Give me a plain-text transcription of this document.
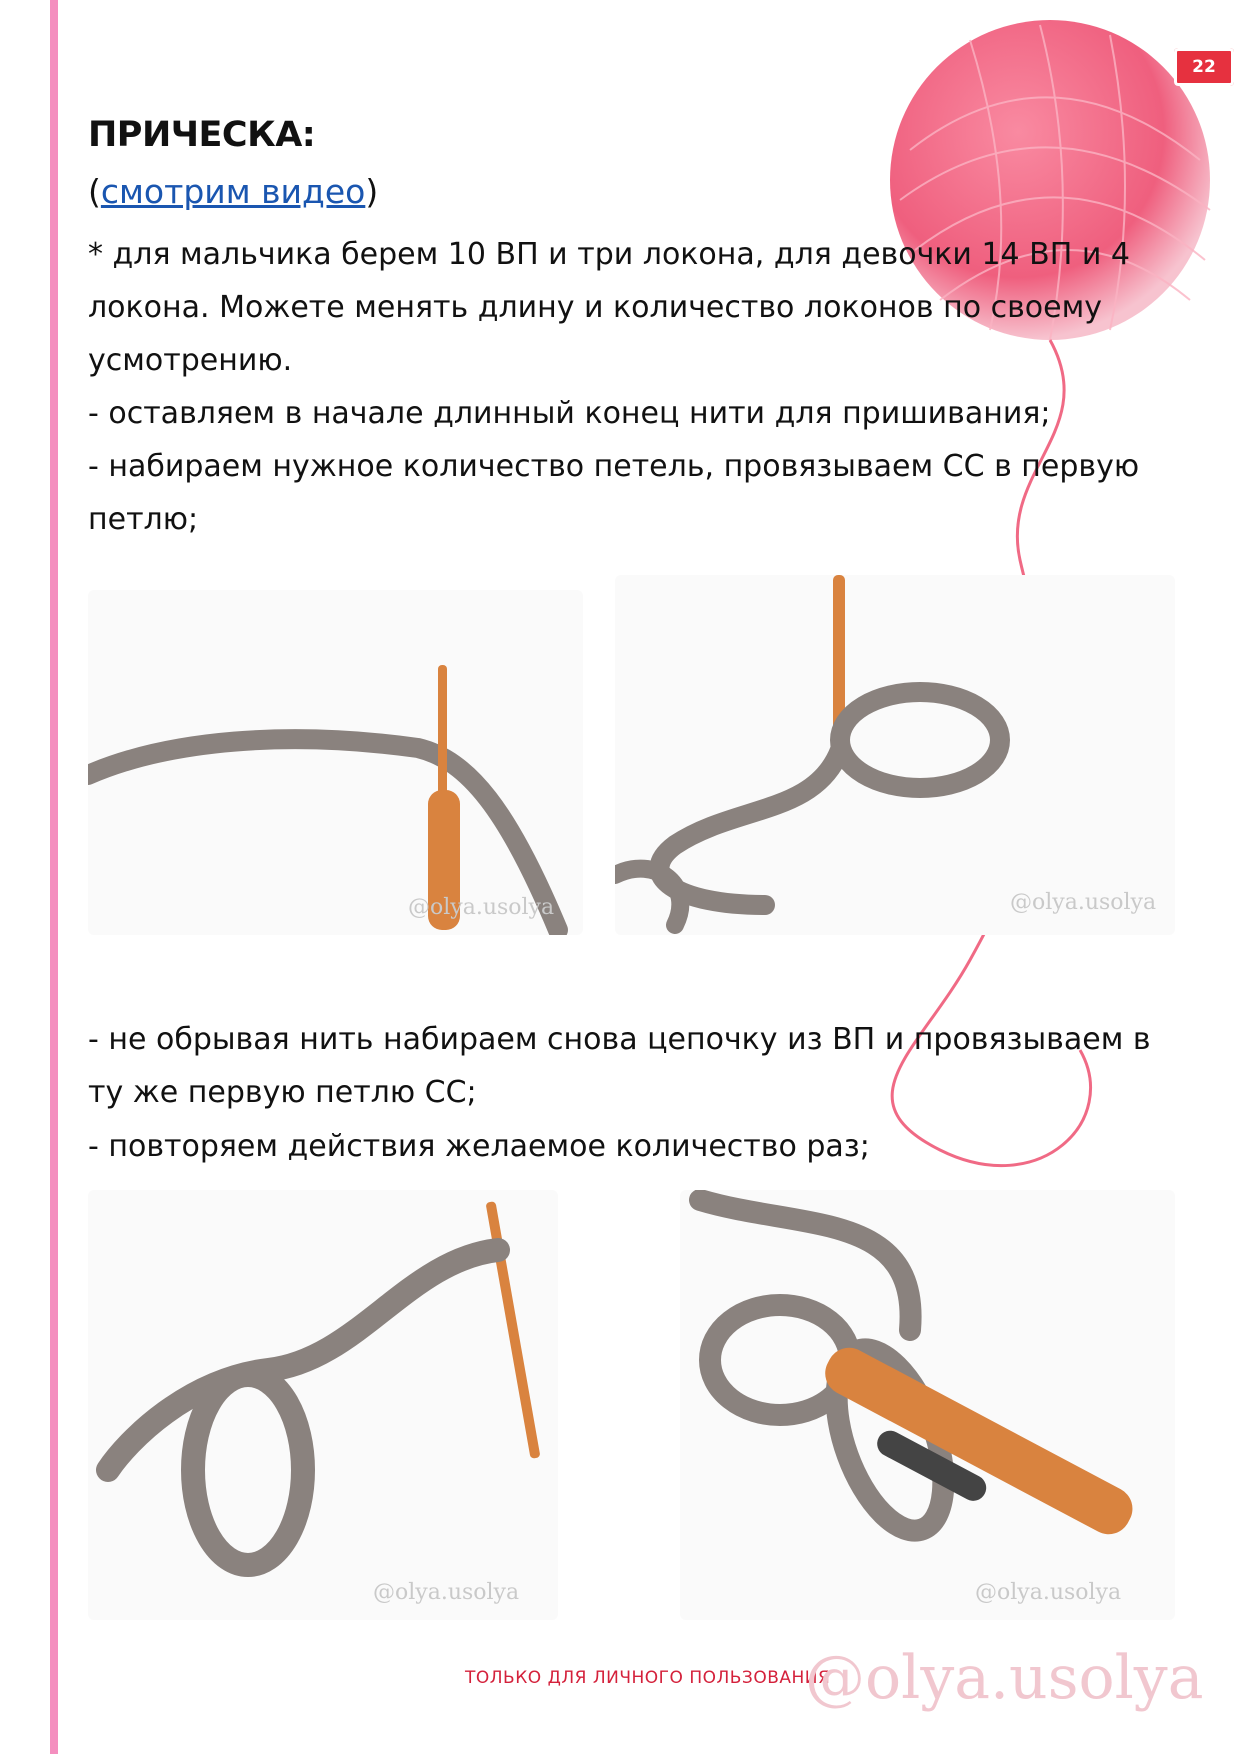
22
ПРИЧЕСКА:
(смотрим видео)
* для мальчика берем 10 ВП и три локона, для девочки 14 ВП и 4 локона. Можете менять длину и количество локонов по своему усмотрению.
- оставляем в начале длинный конец нити для пришивания;
- набираем нужное количество петель, провязываем СС в первую петлю;
@olya.usolya	@olya.usolya
- не обрывая нить набираем снова цепочку из ВП и провязываем в ту же первую петлю СС;
- повторяем действия желаемое количество раз;
@olya.usolya	@olya.usolya
ТОЛЬКО ДЛЯ ЛИЧНОГО ПОЛЬЗОВАНИЯ
@olya.usolya
